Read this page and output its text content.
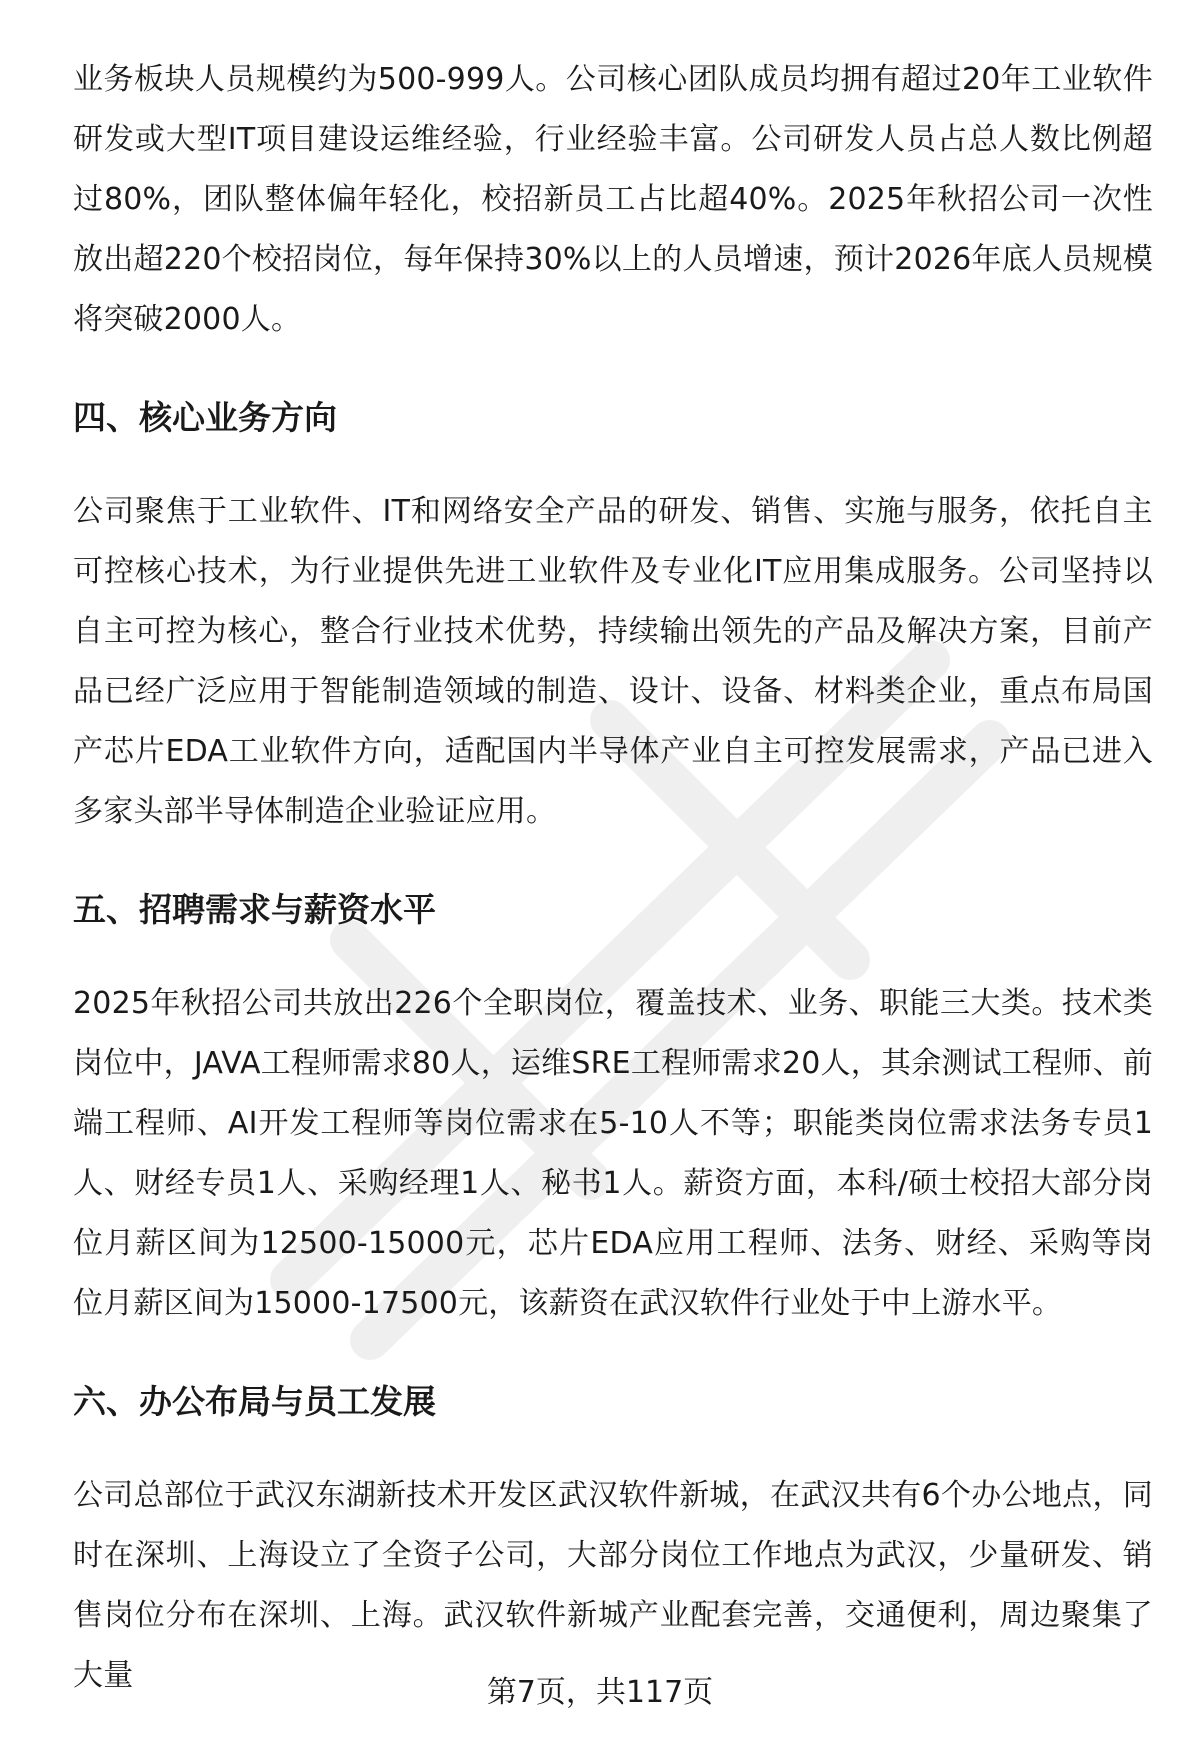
业务板块人员规模约为500-999人。公司核心团队成员均拥有超过20年工业软件研发或大型IT项目建设运维经验，行业经验丰富。公司研发人员占总人数比例超过80%，团队整体偏年轻化，校招新员工占比超40%。2025年秋招公司一次性放出超220个校招岗位，每年保持30%以上的人员增速，预计2026年底人员规模将突破2000人。

四、核心业务方向

公司聚焦于工业软件、IT和网络安全产品的研发、销售、实施与服务，依托自主可控核心技术，为行业提供先进工业软件及专业化IT应用集成服务。公司坚持以自主可控为核心，整合行业技术优势，持续输出领先的产品及解决方案，目前产品已经广泛应用于智能制造领域的制造、设计、设备、材料类企业，重点布局国产芯片EDA工业软件方向，适配国内半导体产业自主可控发展需求，产品已进入多家头部半导体制造企业验证应用。

五、招聘需求与薪资水平

2025年秋招公司共放出226个全职岗位，覆盖技术、业务、职能三大类。技术类岗位中，JAVA工程师需求80人，运维SRE工程师需求20人，其余测试工程师、前端工程师、AI开发工程师等岗位需求在5-10人不等；职能类岗位需求法务专员1人、财经专员1人、采购经理1人、秘书1人。薪资方面，本科/硕士校招大部分岗位月薪区间为12500-15000元，芯片EDA应用工程师、法务、财经、采购等岗位月薪区间为15000-17500元，该薪资在武汉软件行业处于中上游水平。

六、办公布局与员工发展

公司总部位于武汉东湖新技术开发区武汉软件新城，在武汉共有6个办公地点，同时在深圳、上海设立了全资子公司，大部分岗位工作地点为武汉，少量研发、销售岗位分布在深圳、上海。武汉软件新城产业配套完善，交通便利，周边聚集了大量	第7页，共117页
